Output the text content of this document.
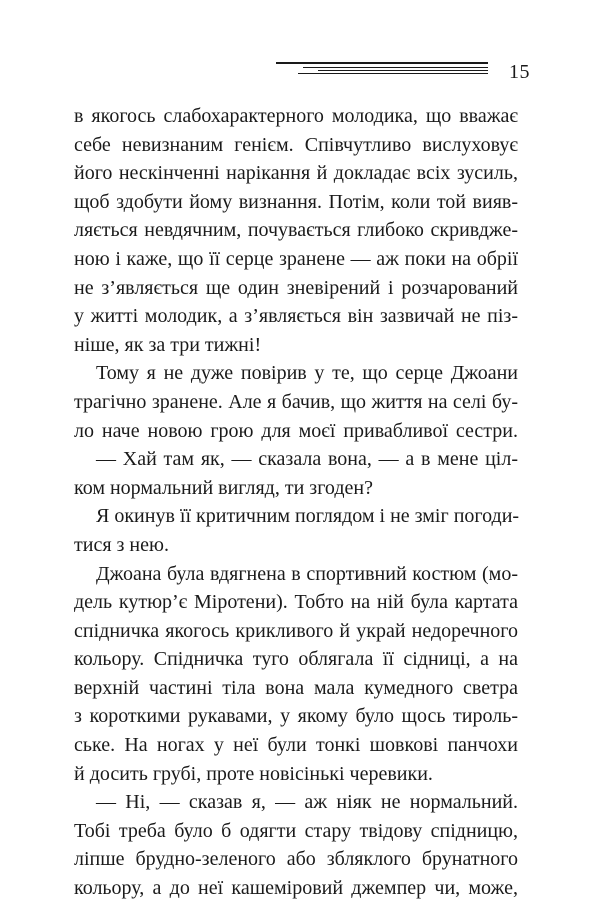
15
в якогось слабохарактерного молодика, що вважає
себе невизнаним генієм. Співчутливо вислуховує
його нескінченні нарікання й докладає всіх зусиль,
щоб здобути йому визнання. Потім, коли той вияв-
ляється невдячним, почувається глибоко скривдже-
ною і каже, що її серце зранене — аж поки на обрії
не з’являється ще один зневірений і розчарований
у житті молодик, а з’являється він зазвичай не пiз-
ніше, як за три тижні!
Тому я не дуже повірив у те, що серце Джоани
трагічно зранене. Але я бачив, що життя на селі бу-
ло наче новою грою для моєї привабливої сестри.
— Хай там як, — сказала вона, — а в мене ціл-
ком нормальний вигляд, ти згоден?
Я окинув її критичним поглядом і не зміг погоди-
тися з нею.
Джоана була вдягнена в спортивний костюм (мо-
дель кутюр’є Міротени). Тобто на ній була картата
спідничка якогось крикливого й украй недоречного
кольору. Спідничка туго облягала її сідниці, а на
верхній частині тіла вона мала кумедного светра
з короткими рукавами, у якому було щось тироль-
ське. На ногах у неї були тонкі шовкові панчохи
й досить грубі, проте новісінькі черевики.
— Ні, — сказав я, — аж ніяк не нормальний.
Тобі треба було б одягти стару твідову спідницю,
ліпше брудно-зеленого або збляклого брунатного
кольору, а до неї кашеміровий джемпер чи, може,
